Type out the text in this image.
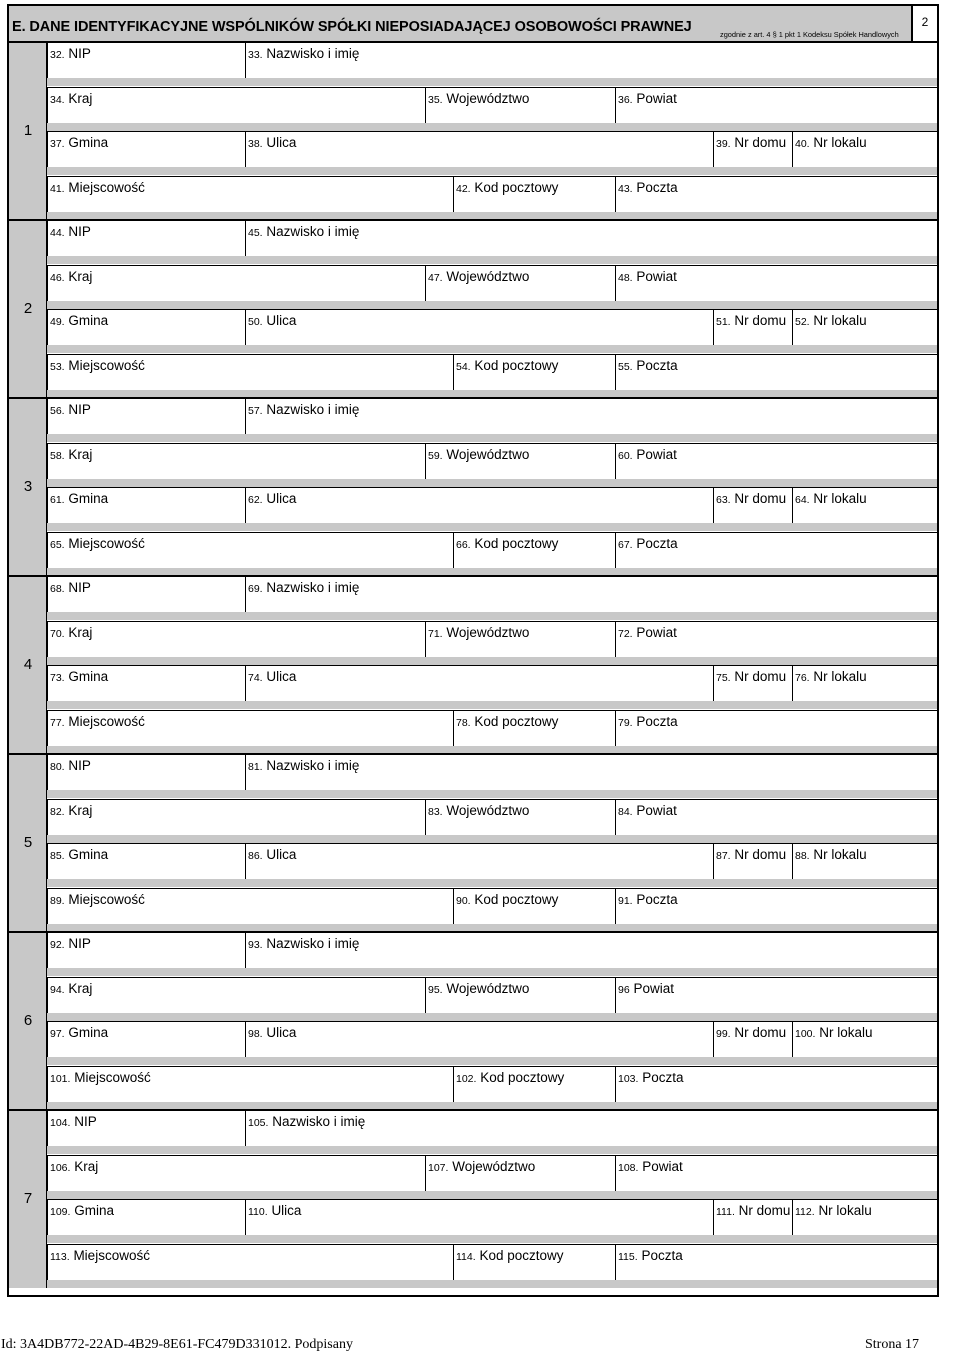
E. DANE IDENTYFIKACYJNE WSPÓLNIKÓW SPÓŁKI NIEPOSIADAJĄCEJ OSOBOWOŚCI PRAWNEJ	zgodnie z art. 4 § 1 pkt 1 Kodeksu Spółek Handlowych
2
1
32. NIP	33. Nazwisko i imię
34. Kraj	35. Województwo	36. Powiat
37. Gmina	38. Ulica	39. Nr domu 40. Nr lokalu
41. Miejscowość	42. Kod pocztowy	43. Poczta
2
44. NIP	45. Nazwisko i imię
46. Kraj	47. Województwo	48. Powiat
49. Gmina	50. Ulica	51. Nr domu 52. Nr lokalu
53. Miejscowość	54. Kod pocztowy	55. Poczta
3
56. NIP	57. Nazwisko i imię
58. Kraj	59. Województwo	60. Powiat
61. Gmina	62. Ulica	63. Nr domu 64. Nr lokalu
65. Miejscowość	66. Kod pocztowy	67. Poczta
4
68. NIP	69. Nazwisko i imię
70. Kraj	71. Województwo	72. Powiat
73. Gmina	74. Ulica	75. Nr domu 76. Nr lokalu
77. Miejscowość	78. Kod pocztowy	79. Poczta
5
80. NIP	81. Nazwisko i imię
82. Kraj	83. Województwo	84. Powiat
85. Gmina	86. Ulica	87. Nr domu 88. Nr lokalu
89. Miejscowość	90. Kod pocztowy	91. Poczta
6
92. NIP	93. Nazwisko i imię
94. Kraj	95. Województwo	96 Powiat
97. Gmina	98. Ulica	99. Nr domu 100. Nr lokalu
101. Miejscowość	102. Kod pocztowy	103. Poczta
7
104. NIP	105. Nazwisko i imię
106. Kraj	107. Województwo	108. Powiat
109. Gmina	110. Ulica	111. Nr domu 112. Nr lokalu
113. Miejscowość	114. Kod pocztowy	115. Poczta
Id: 3A4DB772-22AD-4B29-8E61-FC479D331012. Podpisany	Strona 17
